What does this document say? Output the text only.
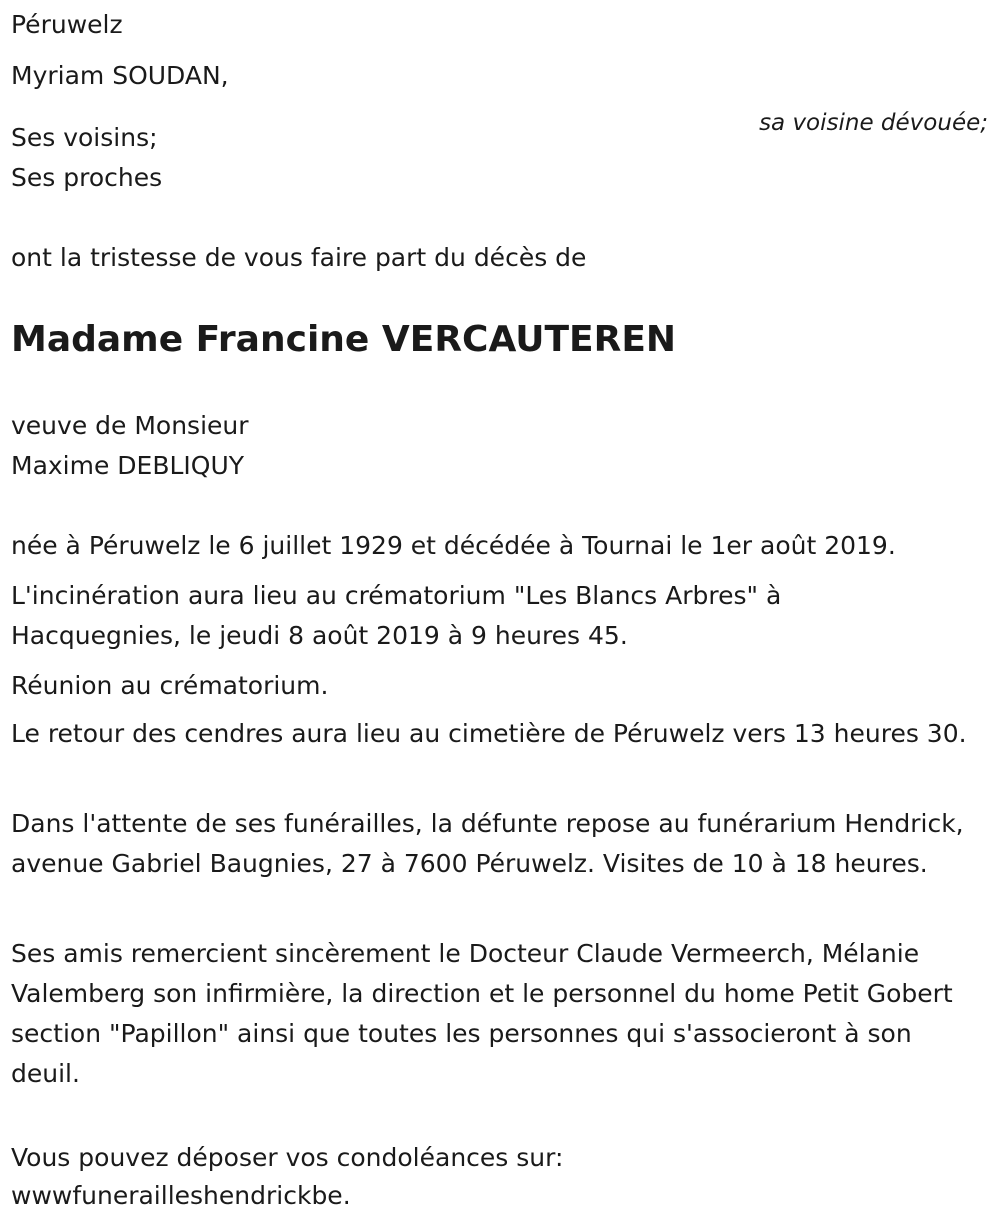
Péruwelz

Myriam SOUDAN,

sa voisine dévouée;

Ses voisins;

Ses proches

ont la tristesse de vous faire part du décès de

Madame Francine VERCAUTEREN

veuve de Monsieur

Maxime DEBLIQUY

née à Péruwelz le 6 juillet 1929 et décédée à Tournai le 1er août 2019.

L'incinération aura lieu au crématorium "Les Blancs Arbres" à Hacquegnies, le jeudi 8 août 2019 à 9 heures 45.

Réunion au crématorium.

Le retour des cendres aura lieu au cimetière de Péruwelz vers 13 heures 30.

Dans l'attente de ses funérailles, la défunte repose au funérarium Hendrick, avenue Gabriel Baugnies, 27 à 7600 Péruwelz. Visites de 10 à 18 heures.

Ses amis remercient sincèrement le Docteur Claude Vermeerch, Mélanie Valemberg son infirmière, la direction et le personnel du home Petit Gobert section "Papillon" ainsi que toutes les personnes qui s'associeront à son deuil.

Vous pouvez déposer vos condoléances sur:

wwwfunerailleshendrickbe.
